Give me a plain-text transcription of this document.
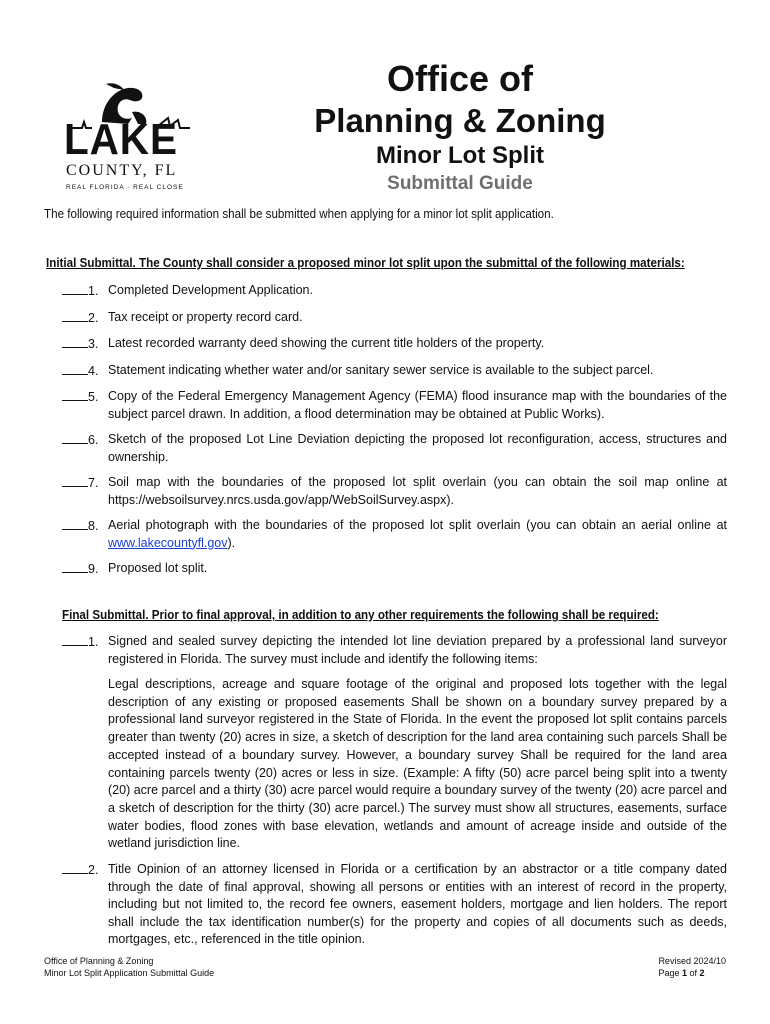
LAKE
COUNTY, FL
REAL FLORIDA · REAL CLOSE
Office of
Planning & Zoning
Minor Lot Split
Submittal Guide
The following required information shall be submitted when applying for a minor lot split application.
Initial Submittal. The County shall consider a proposed minor lot split upon the submittal of the following materials:
1. Completed Development Application.
2. Tax receipt or property record card.
3. Latest recorded warranty deed showing the current title holders of the property.
4. Statement indicating whether water and/or sanitary sewer service is available to the subject parcel.
5. Copy of the Federal Emergency Management Agency (FEMA) flood insurance map with the boundaries of the subject parcel drawn. In addition, a flood determination may be obtained at Public Works).
6. Sketch of the proposed Lot Line Deviation depicting the proposed lot reconfiguration, access, structures and ownership.
7. Soil map with the boundaries of the proposed lot split overlain (you can obtain the soil map online at https://websoilsurvey.nrcs.usda.gov/app/WebSoilSurvey.aspx).
8. Aerial photograph with the boundaries of the proposed lot split overlain (you can obtain an aerial online at www.lakecountyfl.gov).
9. Proposed lot split.
Final Submittal. Prior to final approval, in addition to any other requirements the following shall be required:
1. Signed and sealed survey depicting the intended lot line deviation prepared by a professional land surveyor registered in Florida. The survey must include and identify the following items:
Legal descriptions, acreage and square footage of the original and proposed lots together with the legal description of any existing or proposed easements Shall be shown on a boundary survey prepared by a professional land surveyor registered in the State of Florida. In the event the proposed lot split contains parcels greater than twenty (20) acres in size, a sketch of description for the land area containing such parcels Shall be accepted instead of a boundary survey. However, a boundary survey Shall be required for the land area containing parcels twenty (20) acres or less in size. (Example: A fifty (50) acre parcel being split into a twenty (20) acre parcel and a thirty (30) acre parcel would require a boundary survey of the twenty (20) acre parcel and a sketch of description for the thirty (30) acre parcel.) The survey must show all structures, easements, surface water bodies, flood zones with base elevation, wetlands and amount of acreage inside and outside of the wetland jurisdiction line.
2. Title Opinion of an attorney licensed in Florida or a certification by an abstractor or a title company dated through the date of final approval, showing all persons or entities with an interest of record in the property, including but not limited to, the record fee owners, easement holders, mortgage and lien holders. The report shall include the tax identification number(s) for the property and copies of all documents such as deeds, mortgages, etc., referenced in the title opinion.
Office of Planning & Zoning
Minor Lot Split Application Submittal Guide
Revised 2024/10
Page 1 of 2
